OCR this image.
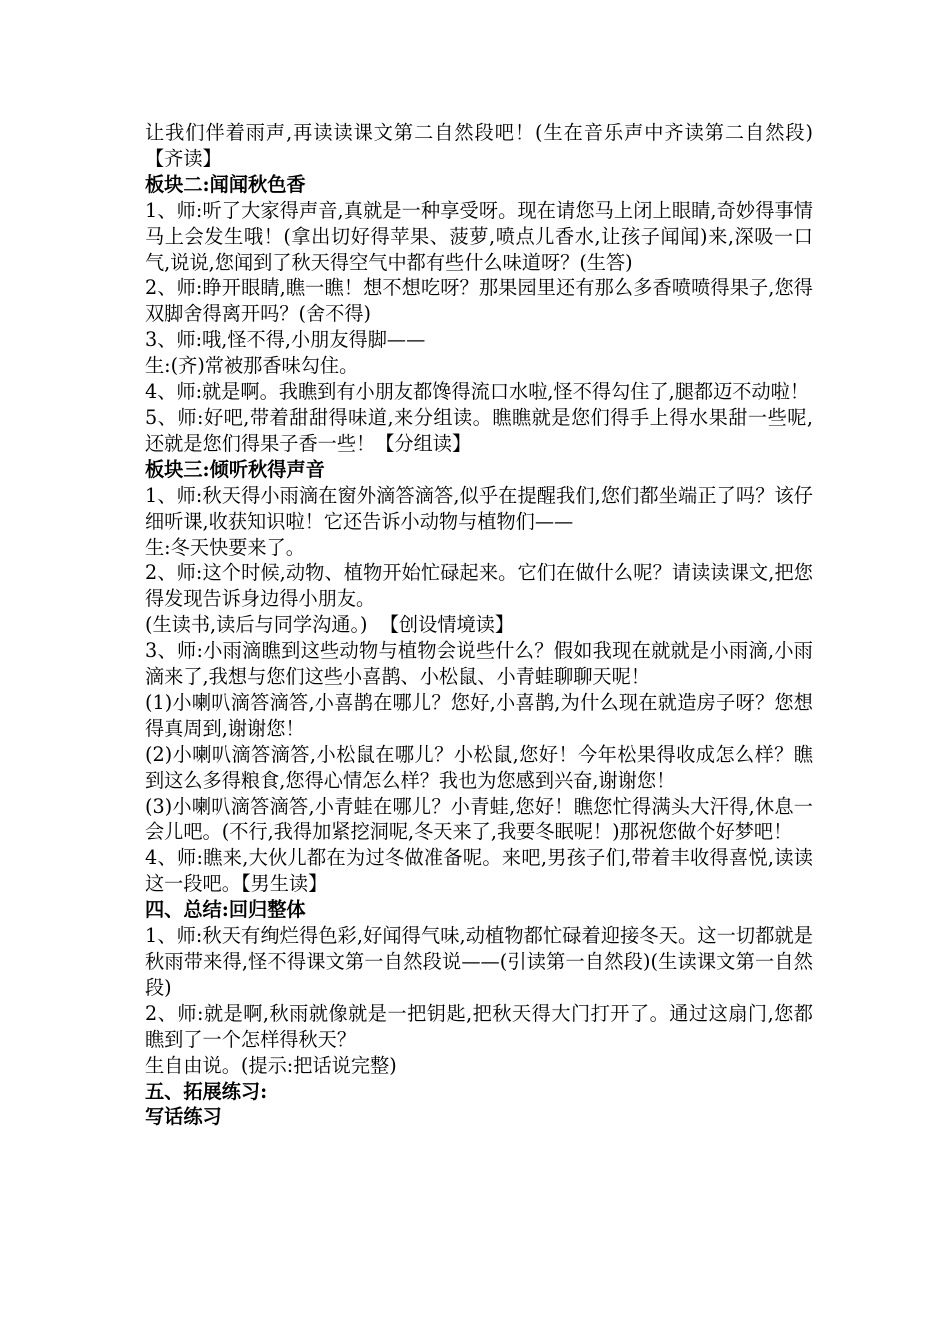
让我们伴着雨声,再读读课文第二自然段吧！(生在音乐声中齐读第二自然段)    【齐读】

板块二:闻闻秋色香

1、师:听了大家得声音,真就是一种享受呀。现在请您马上闭上眼睛,奇妙得事情马上会发生哦！(拿出切好得苹果、菠萝,喷点儿香水,让孩子闻闻)来,深吸一口气,说说,您闻到了秋天得空气中都有些什么味道呀？(生答)

2、师:睁开眼睛,瞧一瞧！想不想吃呀？那果园里还有那么多香喷喷得果子,您得双脚舍得离开吗？(舍不得)

3、师:哦,怪不得,小朋友得脚——

生:(齐)常被那香味勾住。

4、师:就是啊。我瞧到有小朋友都馋得流口水啦,怪不得勾住了,腿都迈不动啦！

5、师:好吧,带着甜甜得味道,来分组读。瞧瞧就是您们得手上得水果甜一些呢,还就是您们得果子香一些！【分组读】

板块三:倾听秋得声音

1、师:秋天得小雨滴在窗外滴答滴答,似乎在提醒我们,您们都坐端正了吗？该仔细听课,收获知识啦！它还告诉小动物与植物们——

生:冬天快要来了。

2、师:这个时候,动物、植物开始忙碌起来。它们在做什么呢？请读读课文,把您得发现告诉身边得小朋友。

(生读书,读后与同学沟通。)  【创设情境读】

3、师:小雨滴瞧到这些动物与植物会说些什么？假如我现在就就是小雨滴,小雨滴来了,我想与您们这些小喜鹊、小松鼠、小青蛙聊聊天呢！

(1)小喇叭滴答滴答,小喜鹊在哪儿？您好,小喜鹊,为什么现在就造房子呀？您想得真周到,谢谢您！

(2)小喇叭滴答滴答,小松鼠在哪儿？小松鼠,您好！今年松果得收成怎么样？瞧到这么多得粮食,您得心情怎么样？我也为您感到兴奋,谢谢您！

(3)小喇叭滴答滴答,小青蛙在哪儿？小青蛙,您好！瞧您忙得满头大汗得,休息一会儿吧。(不行,我得加紧挖洞呢,冬天来了,我要冬眠呢！)那祝您做个好梦吧！

4、师:瞧来,大伙儿都在为过冬做准备呢。来吧,男孩子们,带着丰收得喜悦,读读这一段吧。【男生读】

四、总结:回归整体

1、师:秋天有绚烂得色彩,好闻得气味,动植物都忙碌着迎接冬天。这一切都就是秋雨带来得,怪不得课文第一自然段说——(引读第一自然段)(生读课文第一自然段)

2、师:就是啊,秋雨就像就是一把钥匙,把秋天得大门打开了。通过这扇门,您都瞧到了一个怎样得秋天？

生自由说。(提示:把话说完整)

五、拓展练习:

写话练习
